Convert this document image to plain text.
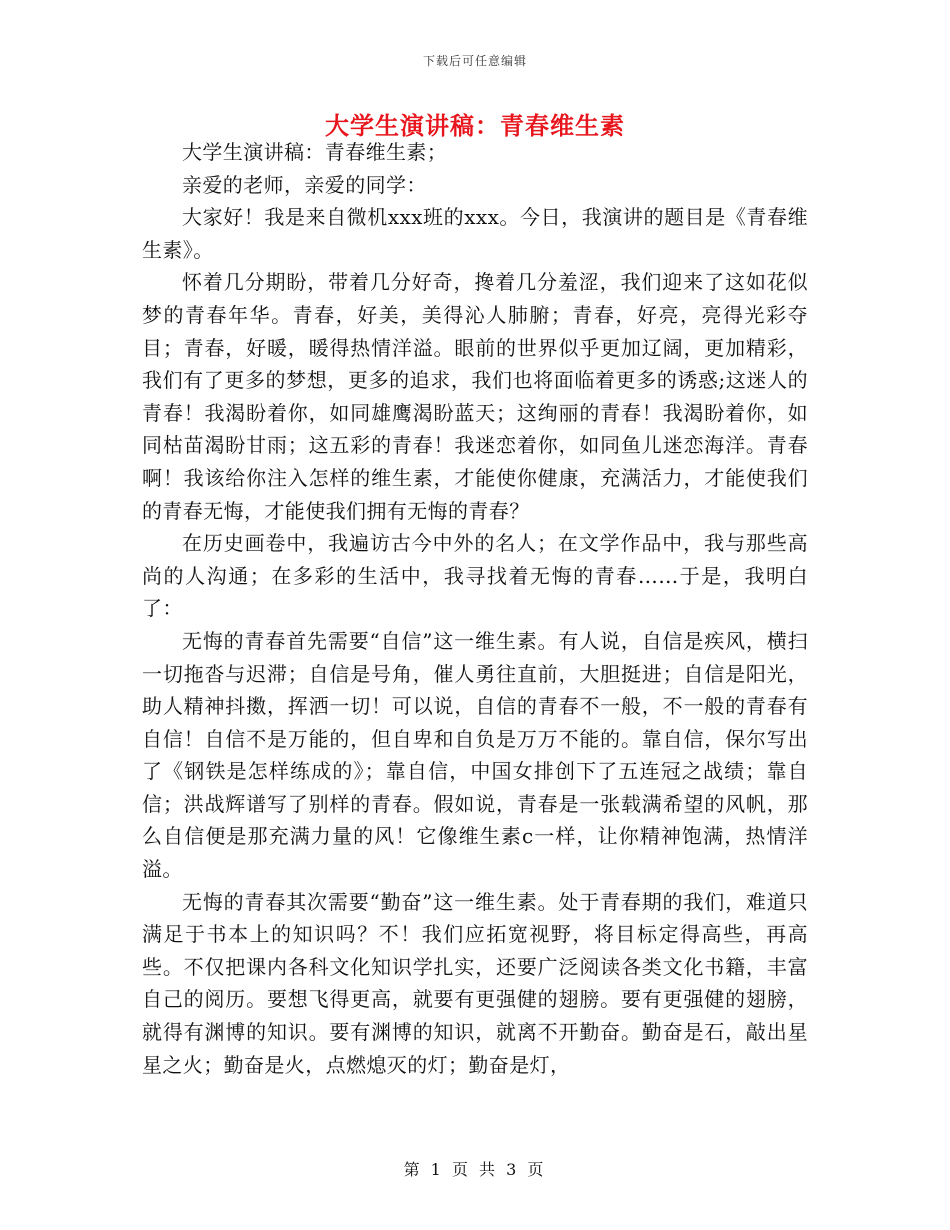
下载后可任意编辑
大学生演讲稿：青春维生素

大学生演讲稿：青春维生素；

亲爱的老师，亲爱的同学：

大家好！我是来自微机xxx班的xxx。今日，我演讲的题目是《青春维生素》。

怀着几分期盼，带着几分好奇，搀着几分羞涩，我们迎来了这如花似梦的青春年华。青春，好美，美得沁人肺腑；青春，好亮，亮得光彩夺目；青春，好暖，暖得热情洋溢。眼前的世界似乎更加辽阔，更加精彩，我们有了更多的梦想，更多的追求，我们也将面临着更多的诱惑;这迷人的青春！我渴盼着你，如同雄鹰渴盼蓝天；这绚丽的青春！我渴盼着你，如同枯苗渴盼甘雨；这五彩的青春！我迷恋着你，如同鱼儿迷恋海洋。青春啊！我该给你注入怎样的维生素，才能使你健康，充满活力，才能使我们的青春无悔，才能使我们拥有无悔的青春？

在历史画卷中，我遍访古今中外的名人；在文学作品中，我与那些高尚的人沟通；在多彩的生活中，我寻找着无悔的青春……于是，我明白了：

无悔的青春首先需要“自信”这一维生素。有人说，自信是疾风，横扫一切拖沓与迟滞；自信是号角，催人勇往直前，大胆挺进；自信是阳光，助人精神抖擞，挥洒一切！可以说，自信的青春不一般，不一般的青春有自信！自信不是万能的，但自卑和自负是万万不能的。靠自信，保尔写出了《钢铁是怎样练成的》；靠自信，中国女排创下了五连冠之战绩；靠自信；洪战辉谱写了别样的青春。假如说，青春是一张载满希望的风帆，那么自信便是那充满力量的风！它像维生素c一样，让你精神饱满，热情洋溢。

无悔的青春其次需要“勤奋”这一维生素。处于青春期的我们，难道只满足于书本上的知识吗？不！我们应拓宽视野，将目标定得高些，再高些。不仅把课内各科文化知识学扎实，还要广泛阅读各类文化书籍，丰富自己的阅历。要想飞得更高，就要有更强健的翅膀。要有更强健的翅膀，就得有渊博的知识。要有渊博的知识，就离不开勤奋。勤奋是石，敲出星星之火；勤奋是火，点燃熄灭的灯；勤奋是灯，

第 1 页 共 3 页
